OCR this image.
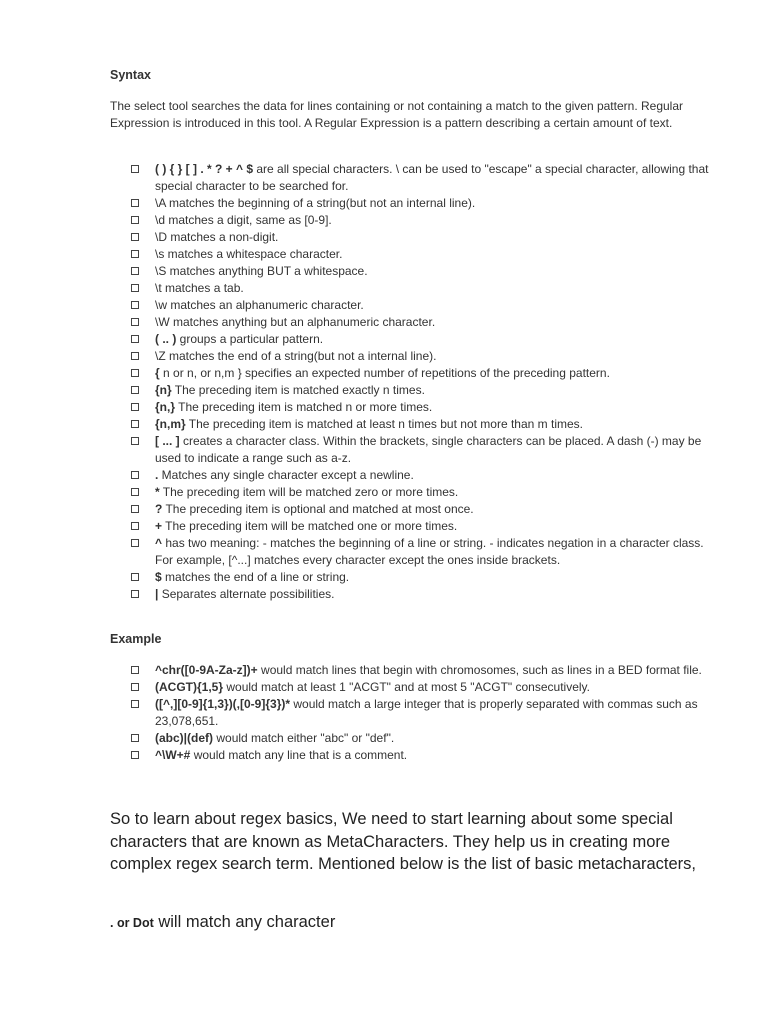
Syntax

The select tool searches the data for lines containing or not containing a match to the given pattern. Regular Expression is introduced in this tool. A Regular Expression is a pattern describing a certain amount of text.

( ) { } [ ] . * ? + ^ $ are all special characters. \ can be used to "escape" a special character, allowing that special character to be searched for.
\A matches the beginning of a string(but not an internal line).
\d matches a digit, same as [0-9].
\D matches a non-digit.
\s matches a whitespace character.
\S matches anything BUT a whitespace.
\t matches a tab.
\w matches an alphanumeric character.
\W matches anything but an alphanumeric character.
( .. ) groups a particular pattern.
\Z matches the end of a string(but not a internal line).
{ n or n, or n,m } specifies an expected number of repetitions of the preceding pattern.
{n} The preceding item is matched exactly n times.
{n,} The preceding item is matched n or more times.
{n,m} The preceding item is matched at least n times but not more than m times.
[ ... ] creates a character class. Within the brackets, single characters can be placed. A dash (-) may be used to indicate a range such as a-z.
. Matches any single character except a newline.
* The preceding item will be matched zero or more times.
? The preceding item is optional and matched at most once.
+ The preceding item will be matched one or more times.
^ has two meaning: - matches the beginning of a line or string. - indicates negation in a character class. For example, [^...] matches every character except the ones inside brackets.
$ matches the end of a line or string.
| Separates alternate possibilities.
Example
^chr([0-9A-Za-z])+ would match lines that begin with chromosomes, such as lines in a BED format file.
(ACGT){1,5} would match at least 1 "ACGT" and at most 5 "ACGT" consecutively.
([^,][0-9]{1,3})(,[0-9]{3})* would match a large integer that is properly separated with commas such as 23,078,651.
(abc)|(def) would match either "abc" or "def".
^\W+# would match any line that is a comment.

So to learn about regex basics, We need to start learning about some special characters that are known as MetaCharacters. They help us in creating more complex regex search term. Mentioned below is the list of basic metacharacters,

. or Dot will match any character
